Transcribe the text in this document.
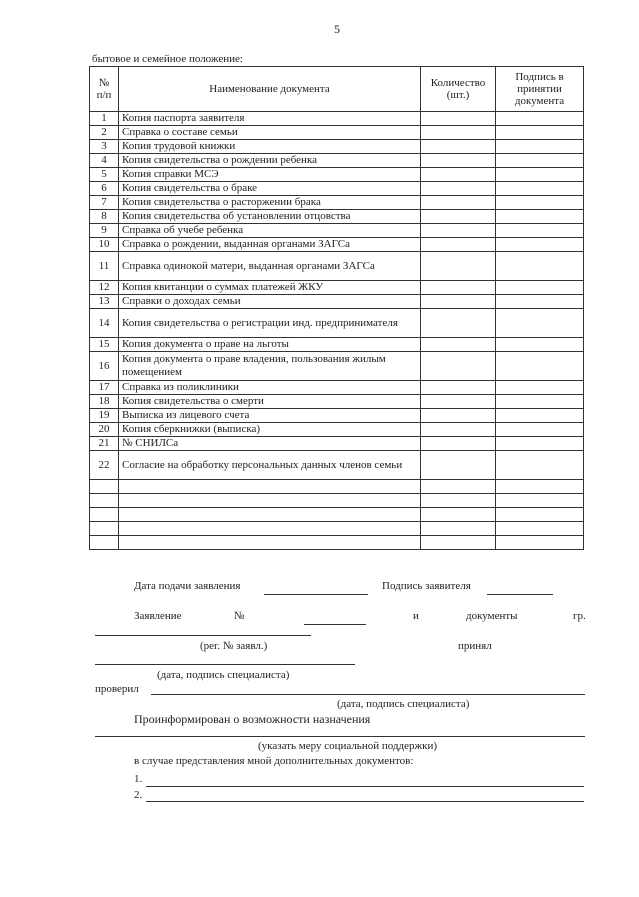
5
бытовое и семейное положение:
№ п/п	Наименование документа	Количество (шт.)	Подпись в принятии документа
1	Копия паспорта заявителя		
2	Справка о составе семьи		
3	Копия трудовой книжки		
4	Копия свидетельства о рождении ребенка		
5	Копия справки МСЭ		
6	Копия свидетельства о браке		
7	Копия свидетельства о расторжении брака		
8	Копия свидетельства об установлении отцовства		
9	Справка об учебе ребенка		
10	Справка о рождении, выданная органами ЗАГСа		
11	Справка одинокой матери, выданная органами ЗАГСа		
12	Копия квитанции о суммах платежей ЖКУ		
13	Справки о доходах семьи		
14	Копия свидетельства о регистрации инд. предпринимателя		
15	Копия документа о праве на льготы		
16	Копия документа о праве владения, пользования жилым помещением		
17	Справка из поликлиники		
18	Копия свидетельства о смерти		
19	Выписка из лицевого счета		
20	Копия сберкнижки (выписка)		
21	№ СНИЛСа		
22	Согласие на обработку персональных данных членов семьи		

Дата подачи заявления	Подпись заявителя
Заявление	№	и	документы	гр.
(рег. № заявл.)	принял
(дата, подпись специалиста)
проверил
(дата, подпись специалиста)
Проинформирован о возможности назначения
(указать меру социальной поддержки)
в случае представления мной дополнительных документов:
1.
2.
